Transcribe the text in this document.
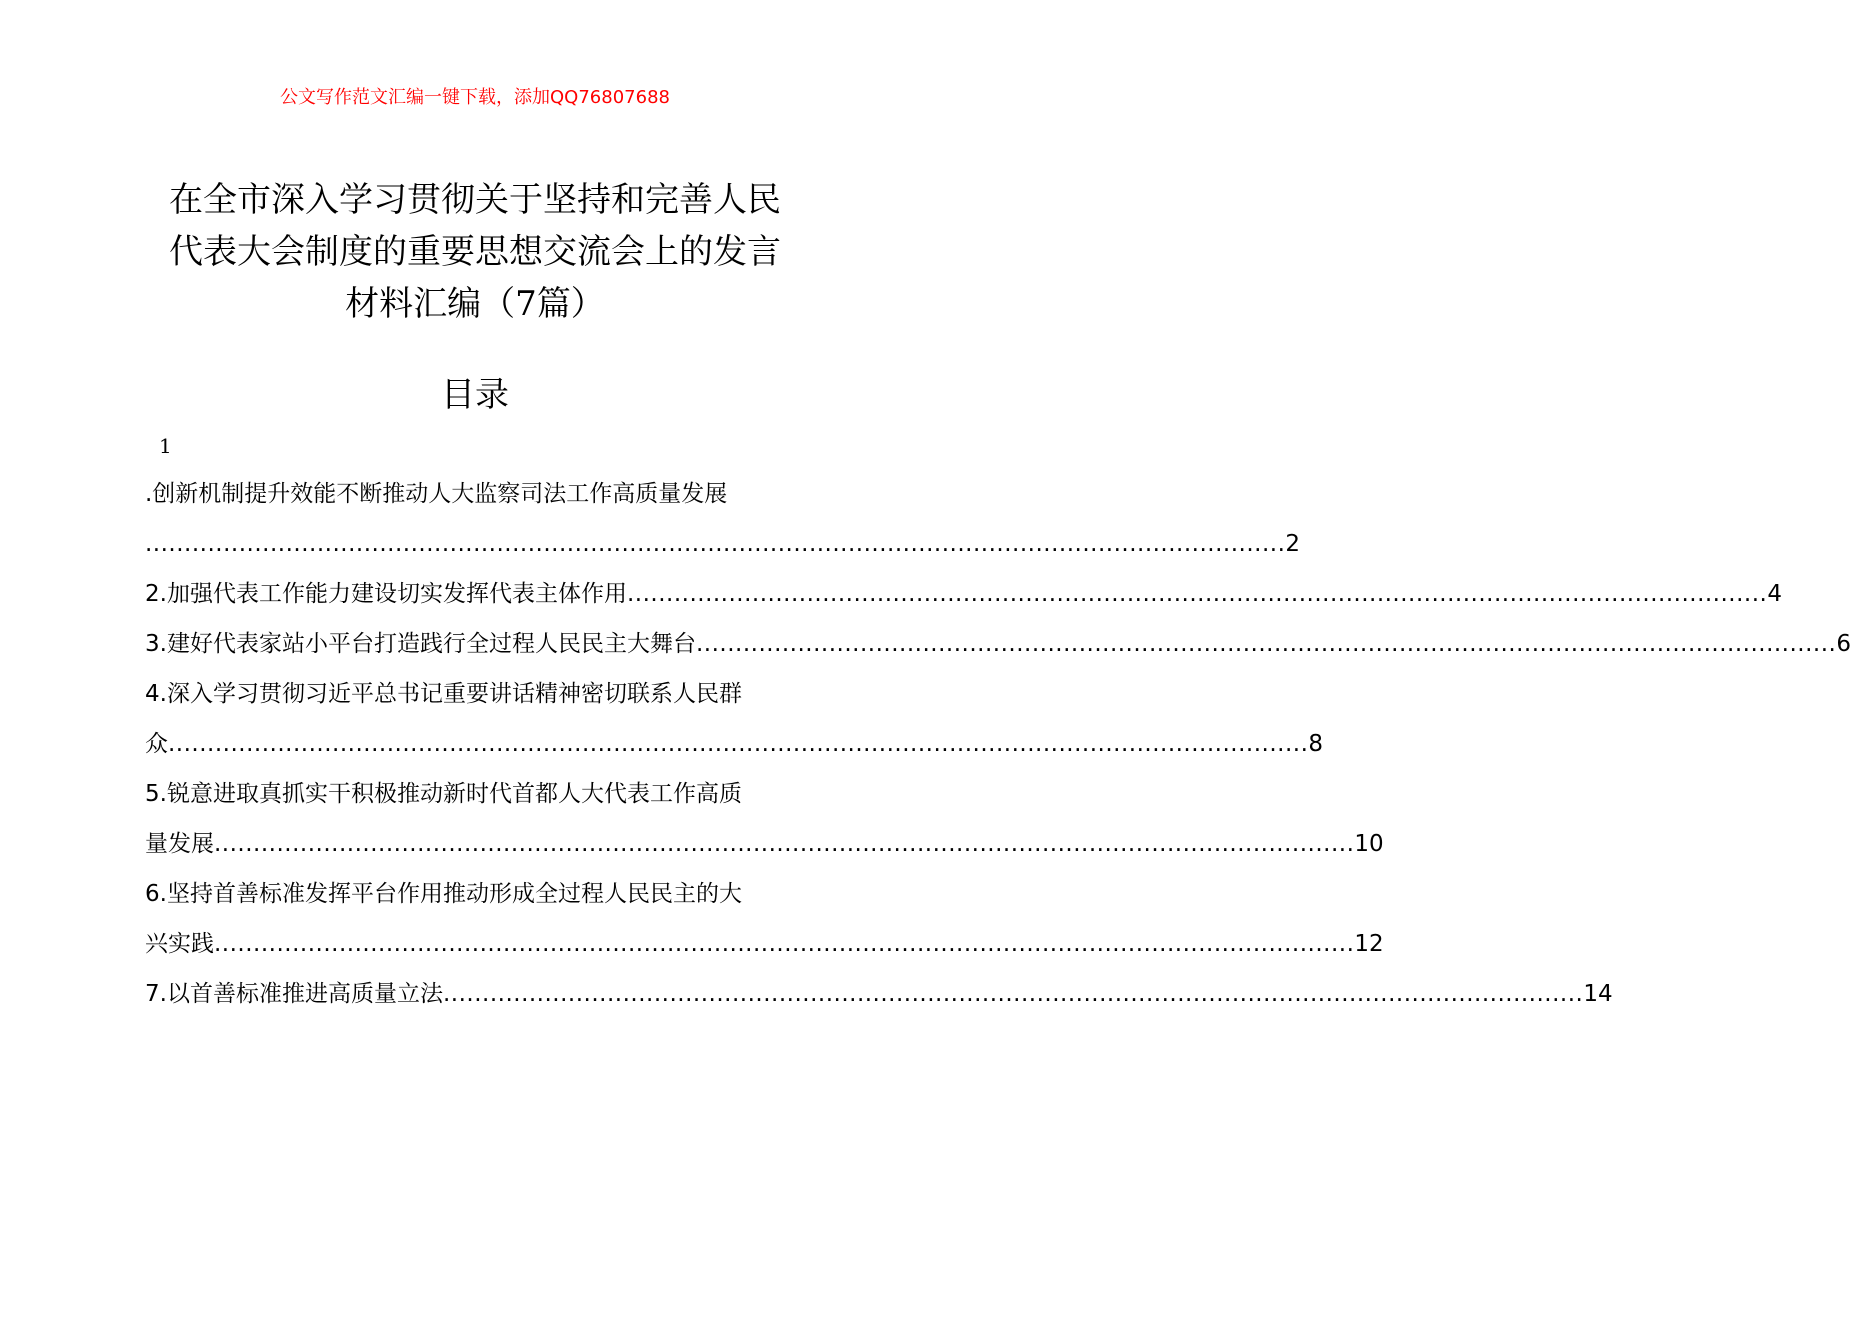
公文写作范文汇编一键下载，添加QQ76807688
在全市深入学习贯彻关于坚持和完善人民
代表大会制度的重要思想交流会上的发言
材料汇编（7篇）
目录
1
.创新机制提升效能不断推动人大监察司法工作高质量发展
.................................................................................................................................................. 2
2.加强代表工作能力建设切实发挥代表主体作用 .................................................................................................................................................. 4
3.建好代表家站小平台打造践行全过程人民民主大舞台 .................................................................................................................................................. 6
4.深入学习贯彻习近平总书记重要讲话精神密切联系人民群
众 .................................................................................................................................................. 8
5.锐意进取真抓实干积极推动新时代首都人大代表工作高质
量发展 .................................................................................................................................................. 10
6.坚持首善标准发挥平台作用推动形成全过程人民民主的大
兴实践 .................................................................................................................................................. 12
7.以首善标准推进高质量立法 .................................................................................................................................................. 14
